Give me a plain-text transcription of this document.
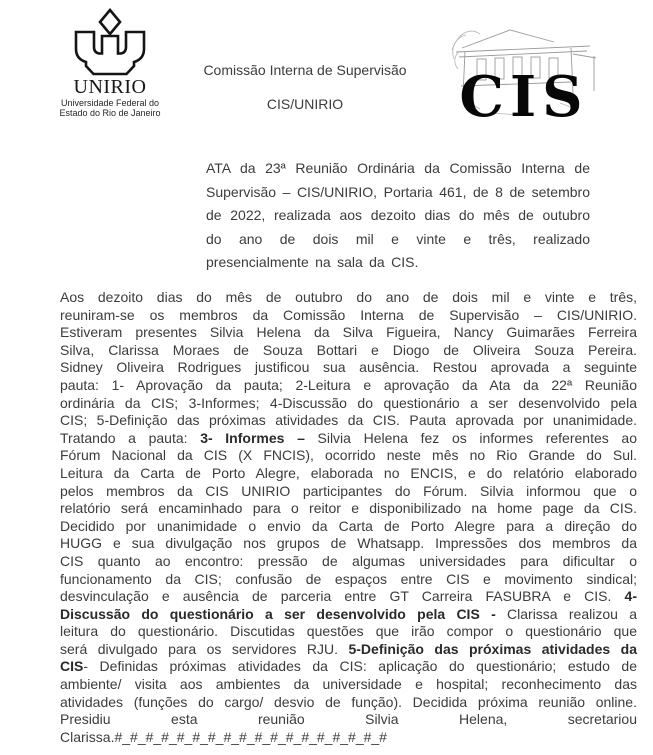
UNIRIO
Universidade Federal do
Estado do Rio de Janeiro
Comissão Interna de Supervisão
CIS/UNIRIO	CIS

ATA da 23ª Reunião Ordinária da Comissão Interna de Supervisão – CIS/UNIRIO, Portaria 461, de 8 de setembro de 2022, realizada aos dezoito dias do mês de outubro do ano de dois mil e vinte e três, realizado presencialmente na sala da CIS.

Aos dezoito dias do mês de outubro do ano de dois mil e vinte e três, reuniram-se os membros da Comissão Interna de Supervisão – CIS/UNIRIO. Estiveram presentes Silvia Helena da Silva Figueira, Nancy Guimarães Ferreira Silva, Clarissa Moraes de Souza Bottari e Diogo de Oliveira Souza Pereira. Sidney Oliveira Rodrigues justificou sua ausência. Restou aprovada a seguinte pauta: 1- Aprovação da pauta; 2-Leitura e aprovação da Ata da 22ª Reunião ordinária da CIS; 3-Informes; 4-Discussão do questionário a ser desenvolvido pela CIS; 5-Definição das próximas atividades da CIS. Pauta aprovada por unanimidade. Tratando a pauta: 3- Informes – Silvia Helena fez os informes referentes ao Fórum Nacional da CIS (X FNCIS), ocorrido neste mês no Rio Grande do Sul. Leitura da Carta de Porto Alegre, elaborada no ENCIS, e do relatório elaborado pelos membros da CIS UNIRIO participantes do Fórum. Silvia informou que o relatório será encaminhado para o reitor e disponibilizado na home page da CIS. Decidido por unanimidade o envio da Carta de Porto Alegre para a direção do HUGG e sua divulgação nos grupos de Whatsapp. Impressões dos membros da CIS quanto ao encontro: pressão de algumas universidades para dificultar o funcionamento da CIS; confusão de espaços entre CIS e movimento sindical; desvinculação e ausência de parceria entre GT Carreira FASUBRA e CIS. 4- Discussão do questionário a ser desenvolvido pela CIS - Clarissa realizou a leitura do questionário. Discutidas questões que irão compor o questionário que será divulgado para os servidores RJU. 5-Definição das próximas atividades da CIS- Definidas próximas atividades da CIS: aplicação do questionário; estudo de ambiente/ visita aos ambientes da universidade e hospital; reconhecimento das atividades (funções do cargo/ desvio de função). Decidida próxima reunião online. Presidiu esta reunião Silvia Helena, secretariou Clarissa.#_#_#_#_#_#_#_#_#_#_#_#_#_#_#_#_#_#
